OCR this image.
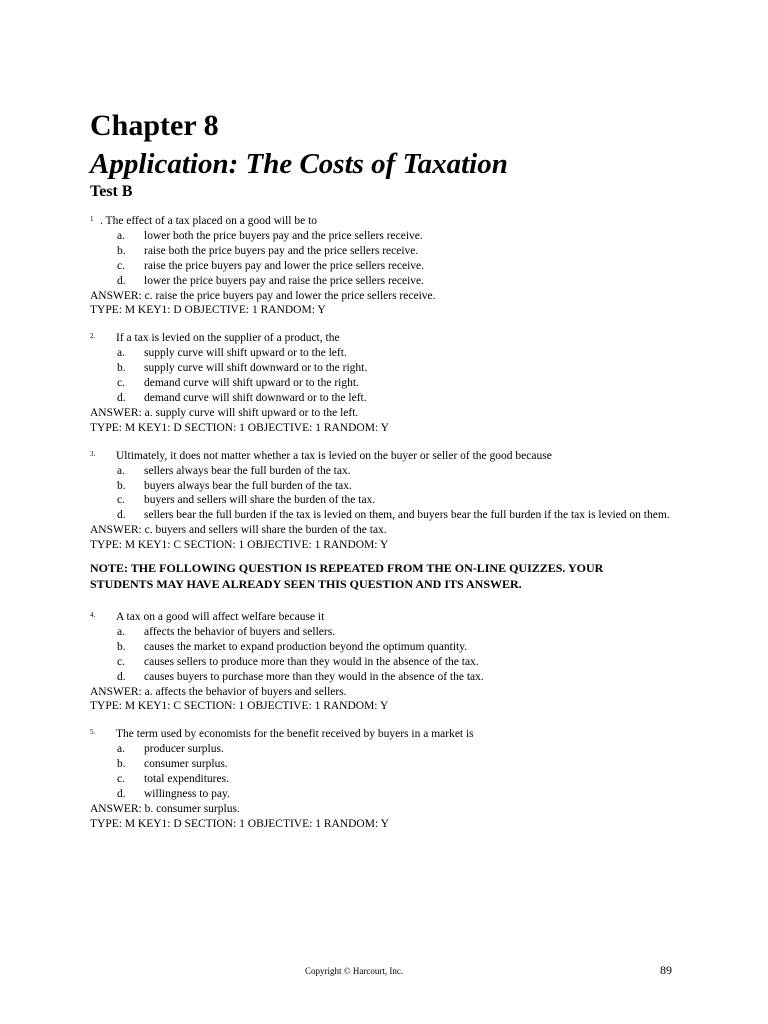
Chapter 8
Application: The Costs of Taxation
Test B
1 . The effect of a tax placed on a good will be to
a.	lower both the price buyers pay and the price sellers receive.
b.	raise both the price buyers pay and the price sellers receive.
c.	raise the price buyers pay and lower the price sellers receive.
d.	lower the price buyers pay and raise the price sellers receive.
ANSWER: c. raise the price buyers pay and lower the price sellers receive.
TYPE: M KEY1: D OBJECTIVE: 1 RANDOM: Y
2.	If a tax is levied on the supplier of a product, the
a.	supply curve will shift upward or to the left.
b.	supply curve will shift downward or to the right.
c.	demand curve will shift upward or to the right.
d.	demand curve will shift downward or to the left.
ANSWER: a. supply curve will shift upward or to the left.
TYPE: M KEY1: D SECTION: 1 OBJECTIVE: 1 RANDOM: Y
3.	Ultimately, it does not matter whether a tax is levied on the buyer or seller of the good because
a.	sellers always bear the full burden of the tax.
b.	buyers always bear the full burden of the tax.
c.	buyers and sellers will share the burden of the tax.
d.	sellers bear the full burden if the tax is levied on them, and buyers bear the full burden if the tax is levied on them.
ANSWER: c. buyers and sellers will share the burden of the tax.
TYPE: M KEY1: C SECTION: 1 OBJECTIVE: 1 RANDOM: Y
NOTE: THE FOLLOWING QUESTION IS REPEATED FROM THE ON-LINE QUIZZES. YOUR STUDENTS MAY HAVE ALREADY SEEN THIS QUESTION AND ITS ANSWER.
4.	A tax on a good will affect welfare because it
a.	affects the behavior of buyers and sellers.
b.	causes the market to expand production beyond the optimum quantity.
c.	causes sellers to produce more than they would in the absence of the tax.
d.	causes buyers to purchase more than they would in the absence of the tax.
ANSWER: a. affects the behavior of buyers and sellers.
TYPE: M KEY1: C SECTION: 1 OBJECTIVE: 1 RANDOM: Y
5.	The term used by economists for the benefit received by buyers in a market is
a.	producer surplus.
b.	consumer surplus.
c.	total expenditures.
d.	willingness to pay.
ANSWER: b. consumer surplus.
TYPE: M KEY1: D SECTION: 1 OBJECTIVE: 1 RANDOM: Y
Copyright © Harcourt, Inc.	89
